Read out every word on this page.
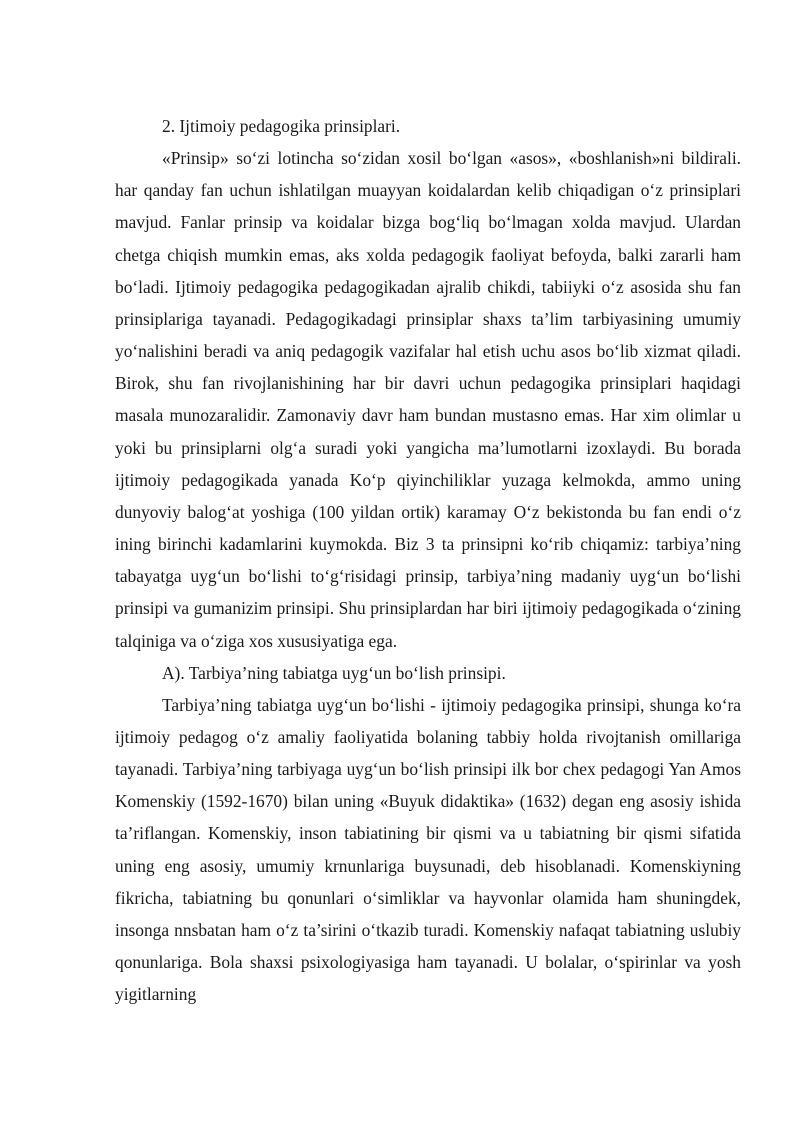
2. Ijtimoiy pedagogika prinsiplari.

«Prinsip» so‘zi lotincha so‘zidan xosil bo‘lgan «asos», «boshlanish»ni bildirali. har qanday fan uchun ishlatilgan muayyan koidalardan kelib chiqadigan o‘z prinsiplari mavjud. Fanlar prinsip va koidalar bizga bog‘liq bo‘lmagan xolda mavjud. Ulardan chetga chiqish mumkin emas, aks xolda pedagogik faoliyat befoyda, balki zararli ham bo‘ladi. Ijtimoiy pedagogika pedagogikadan ajralib chikdi, tabiiyki o‘z asosida shu fan prinsiplariga tayanadi. Pedagogikadagi prinsiplar shaxs ta’lim tarbiyasining umumiy yo‘nalishini beradi va aniq pedagogik vazifalar hal etish uchu asos bo‘lib xizmat qiladi. Birok, shu fan rivojlanishining har bir davri uchun pedagogika prinsiplari haqidagi masala munozaralidir. Zamonaviy davr ham bundan mustasno emas. Har xim olimlar u yoki bu prinsiplarni olg‘a suradi yoki yangicha ma’lumotlarni izoxlaydi. Bu borada ijtimoiy pedagogikada yanada Ko‘p qiyinchiliklar yuzaga kelmokda, ammo uning dunyoviy balog‘at yoshiga (100 yildan ortik) karamay O‘z bekistonda bu fan endi o‘z ining birinchi kadamlarini kuymokda. Biz 3 ta prinsipni ko‘rib chiqamiz: tarbiya’ning tabayatga uyg‘un bo‘lishi to‘g‘risidagi prinsip, tarbiya’ning madaniy uyg‘un bo‘lishi prinsipi va gumanizim prinsipi. Shu prinsiplardan har biri ijtimoiy pedagogikada o‘zining talqiniga va o‘ziga xos xususiyatiga ega.

A). Tarbiya’ning tabiatga uyg‘un bo‘lish prinsipi.

Tarbiya’ning tabiatga uyg‘un bo‘lishi - ijtimoiy pedagogika prinsipi, shunga ko‘ra ijtimoiy pedagog o‘z amaliy faoliyatida bolaning tabbiy holda rivojtanish omillariga tayanadi. Tarbiya’ning tarbiyaga uyg‘un bo‘lish prinsipi ilk bor chex pedagogi Yan Amos Komenskiy (1592-1670) bilan uning «Buyuk didaktika» (1632) degan eng asosiy ishida ta’riflangan. Komenskiy, inson tabiatining bir qismi va u tabiatning bir qismi sifatida uning eng asosiy, umumiy krnunlariga buysunadi, deb hisoblanadi. Komenskiyning fikricha, tabiatning bu qonunlari o‘simliklar va hayvonlar olamida ham shuningdek, insonga nnsbatan ham o‘z ta’sirini o‘tkazib turadi. Komenskiy nafaqat tabiatning uslubiy qonunlariga. Bola shaxsi psixologiyasiga ham tayanadi. U bolalar, o‘spirinlar va yosh yigitlarning
